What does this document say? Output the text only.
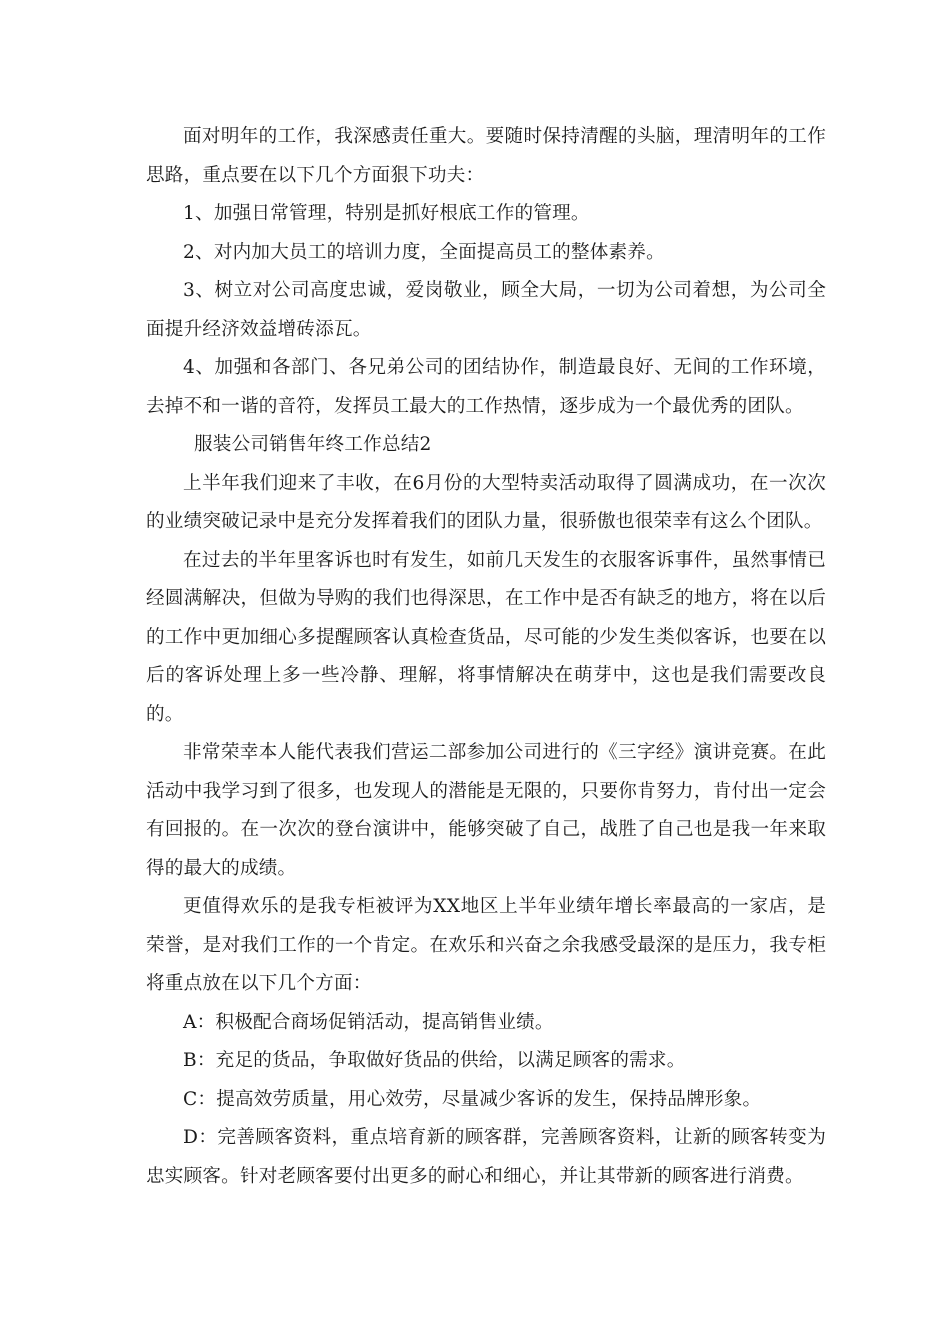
面对明年的工作，我深感责任重大。要随时保持清醒的头脑，理清明年的工作思路，重点要在以下几个方面狠下功夫：

1、加强日常管理，特别是抓好根底工作的管理。

2、对内加大员工的培训力度，全面提高员工的整体素养。

3、树立对公司高度忠诚，爱岗敬业，顾全大局，一切为公司着想，为公司全面提升经济效益增砖添瓦。

4、加强和各部门、各兄弟公司的团结协作，制造最良好、无间的工作环境，去掉不和一谐的音符，发挥员工最大的工作热情，逐步成为一个最优秀的团队。

服装公司销售年终工作总结2

上半年我们迎来了丰收，在6月份的大型特卖活动取得了圆满成功，在一次次的业绩突破记录中是充分发挥着我们的团队力量，很骄傲也很荣幸有这么个团队。

在过去的半年里客诉也时有发生，如前几天发生的衣服客诉事件，虽然事情已经圆满解决，但做为导购的我们也得深思，在工作中是否有缺乏的地方，将在以后的工作中更加细心多提醒顾客认真检查货品，尽可能的少发生类似客诉，也要在以后的客诉处理上多一些冷静、理解，将事情解决在萌芽中，这也是我们需要改良的。

非常荣幸本人能代表我们营运二部参加公司进行的《三字经》演讲竞赛。在此活动中我学习到了很多，也发现人的潜能是无限的，只要你肯努力，肯付出一定会有回报的。在一次次的登台演讲中，能够突破了自己，战胜了自己也是我一年来取得的最大的成绩。

更值得欢乐的是我专柜被评为XX地区上半年业绩年增长率最高的一家店，是荣誉，是对我们工作的一个肯定。在欢乐和兴奋之余我感受最深的是压力，我专柜将重点放在以下几个方面：

A：积极配合商场促销活动，提高销售业绩。

B：充足的货品，争取做好货品的供给，以满足顾客的需求。

C：提高效劳质量，用心效劳，尽量减少客诉的发生，保持品牌形象。

D：完善顾客资料，重点培育新的顾客群，完善顾客资料，让新的顾客转变为忠实顾客。针对老顾客要付出更多的耐心和细心，并让其带新的顾客进行消费。
